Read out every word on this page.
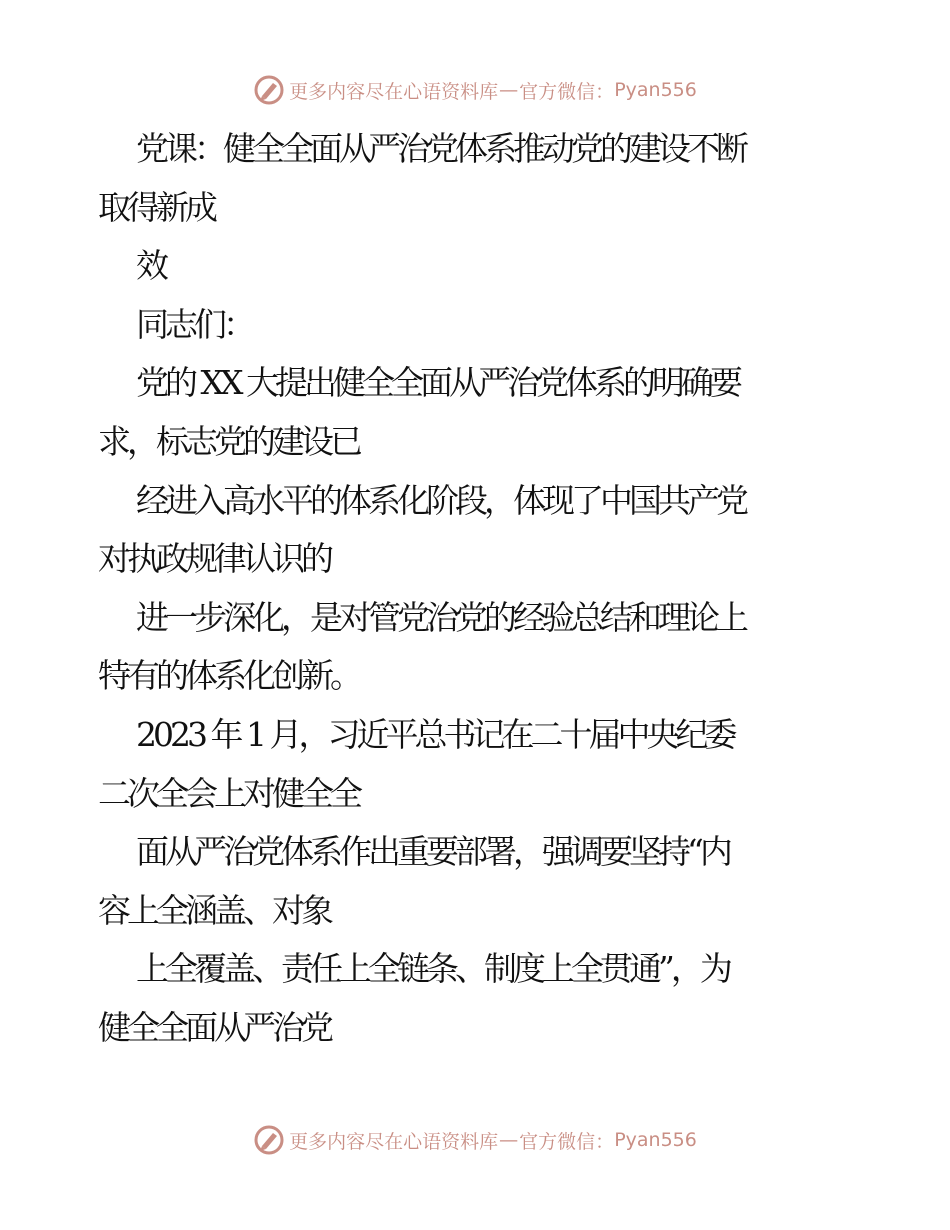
更多内容尽在心语资料库 — 官方微信： Pyan556
党课：健全全面从严治党体系推动党的建设不断
取得新成
效
同志们：
党的 XX 大提出健全全面从严治党体系的明确要
求，标志党的建设已
经进入高水平的体系化阶段，体现了中国共产党
对执政规律认识的
进一步深化，是对管党治党的经验总结和理论上
特有的体系化创新。
2023 年 1 月，习近平总书记在二十届中央纪委
二次全会上对健全全
面从严治党体系作出重要部署，强调要坚持“内
容上全涵盖、对象
上全覆盖、责任上全链条、制度上全贯通”，为
健全全面从严治党
更多内容尽在心语资料库 — 官方微信： Pyan556
